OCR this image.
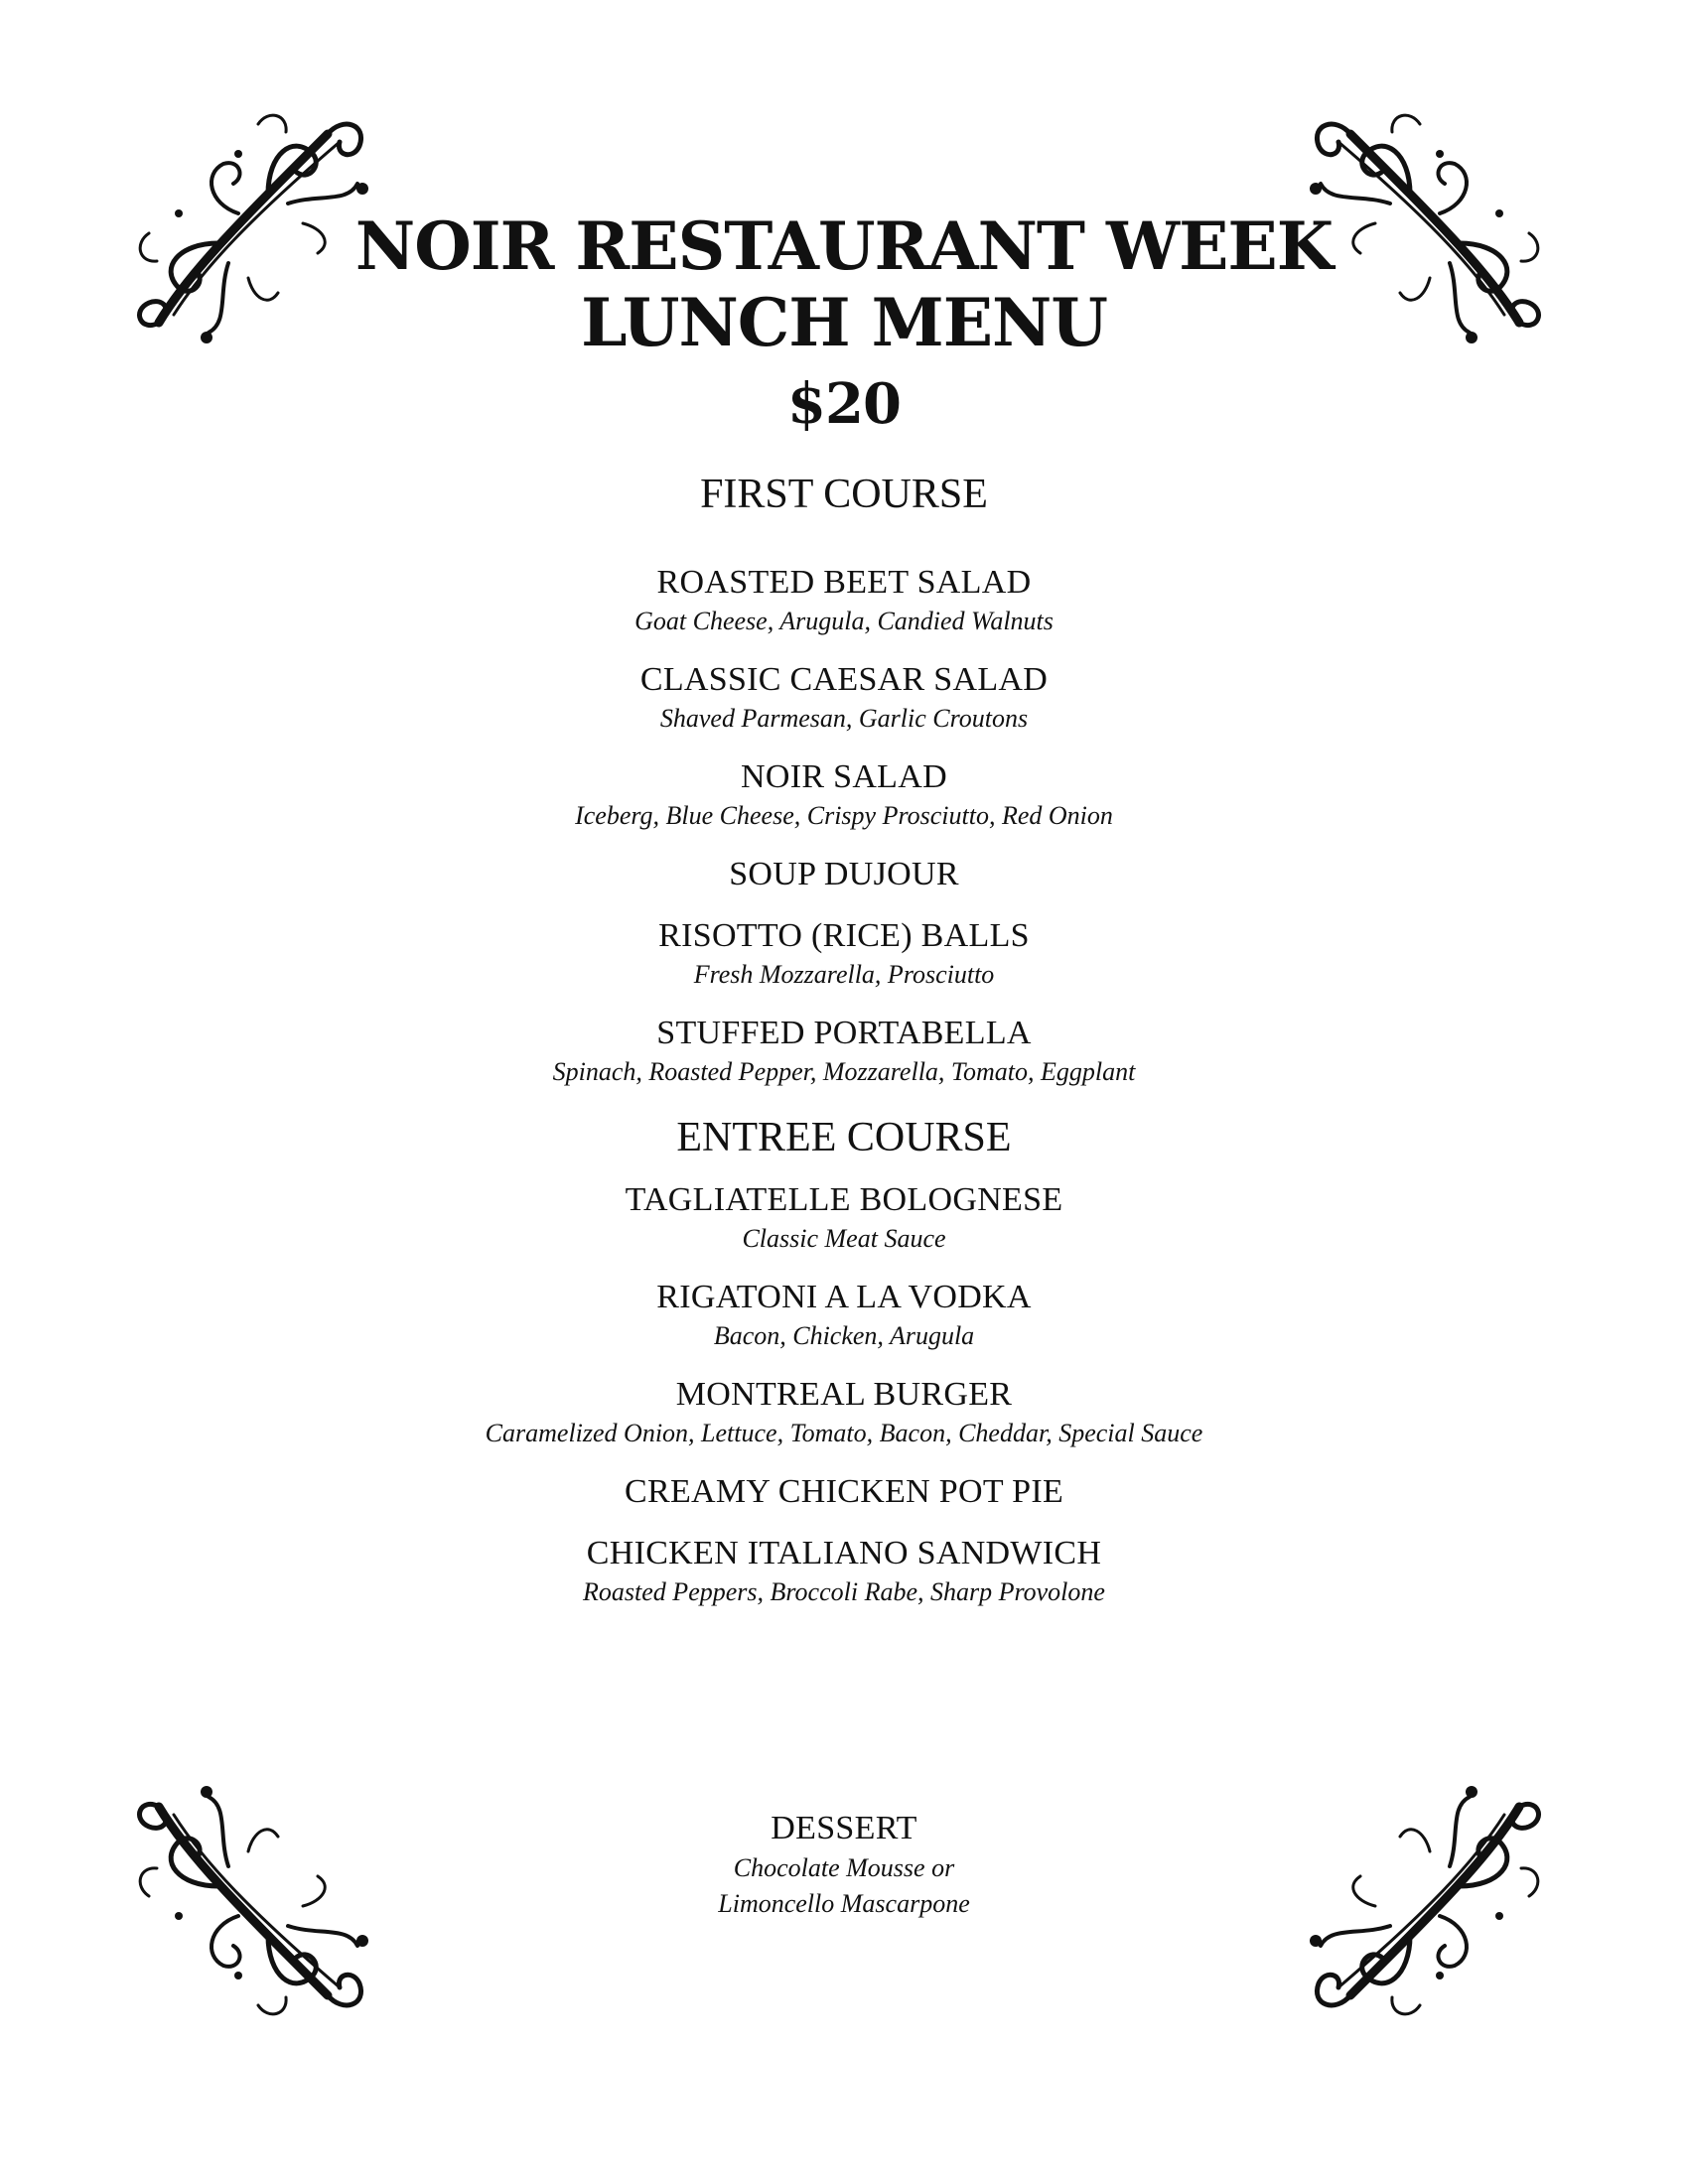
NOIR RESTAURANT WEEK
LUNCH MENU
$20
FIRST COURSE
ROASTED BEET SALAD
Goat Cheese, Arugula, Candied Walnuts
CLASSIC CAESAR SALAD
Shaved Parmesan, Garlic Croutons
NOIR SALAD
Iceberg, Blue Cheese, Crispy Prosciutto, Red Onion
SOUP DUJOUR
RISOTTO (RICE) BALLS
Fresh Mozzarella, Prosciutto
STUFFED PORTABELLA
Spinach, Roasted Pepper, Mozzarella, Tomato, Eggplant
ENTREE COURSE
TAGLIATELLE BOLOGNESE
Classic Meat Sauce
RIGATONI A LA VODKA
Bacon, Chicken, Arugula
MONTREAL BURGER
Caramelized Onion, Lettuce, Tomato, Bacon, Cheddar, Special Sauce
CREAMY CHICKEN POT PIE
CHICKEN ITALIANO SANDWICH
Roasted Peppers, Broccoli Rabe, Sharp Provolone
DESSERT
Chocolate Mousse or
Limoncello Mascarpone
